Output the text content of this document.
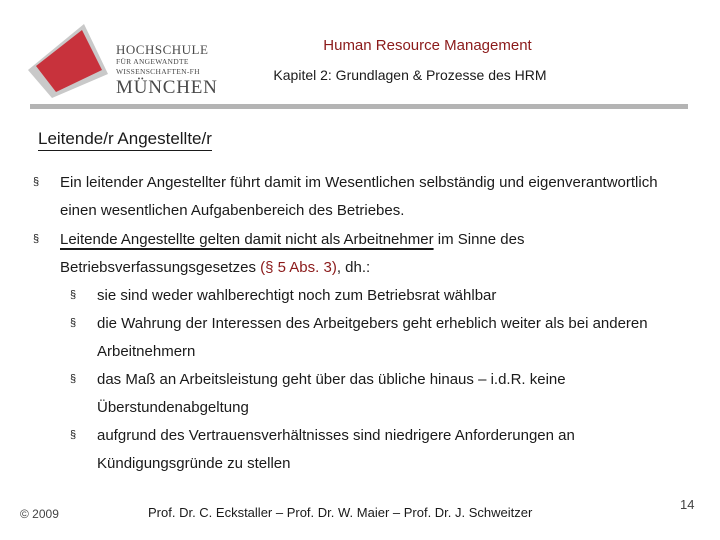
HOCHSCHULE
FÜR ANGEWANDTE
WISSENSCHAFTEN-FH
MÜNCHEN
Human Resource Management
Kapitel 2: Grundlagen & Prozesse des HRM
Leitende/r Angestellte/r
§ Ein leitender Angestellter führt damit im Wesentlichen selbständig und eigenverantwortlich einen wesentlichen Aufgabenbereich des Betriebes.
§ Leitende Angestellte gelten damit nicht als Arbeitnehmer im Sinne des Betriebsverfassungsgesetzes (§ 5 Abs. 3), dh.:
§ sie sind weder wahlberechtigt noch zum Betriebsrat wählbar
§ die Wahrung der Interessen des Arbeitgebers geht erheblich weiter als bei anderen Arbeitnehmern
§ das Maß an Arbeitsleistung geht über das übliche hinaus – i.d.R. keine Überstundenabgeltung
§ aufgrund des Vertrauensverhältnisses sind niedrigere Anforderungen an Kündigungsgründe zu stellen
© 2009	Prof. Dr. C. Eckstaller – Prof. Dr. W. Maier – Prof. Dr. J. Schweitzer
14
